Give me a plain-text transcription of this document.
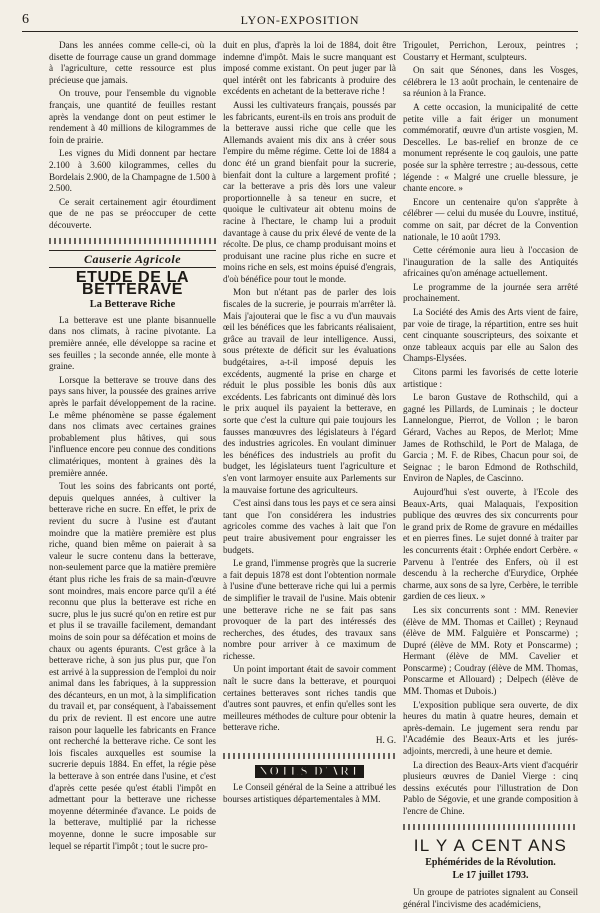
6	LYON-EXPOSITION

Dans les années comme celle-ci, où la disette de fourrage cause un grand dommage à l'agriculture, cette ressource est plus précieuse que jamais.

On trouve, pour l'ensemble du vignoble français, une quantité de feuilles restant après la vendange dont on peut estimer le rendement à 40 millions de kilogrammes de foin de prairie.

Les vignes du Midi donnent par hectare 2.100 à 3.600 kilogrammes, celles du Bordelais 2.900, de la Champagne de 1.500 à 2.500.

Ce serait certainement agir étourdiment que de ne pas se préoccuper de cette découverte.

Causerie Agricole
ETUDE DE LA BETTERAVE
La Betterave Riche

La betterave est une plante bisannuelle dans nos climats, à racine pivotante. La première année, elle développe sa racine et ses feuilles ; la seconde année, elle monte à graine.

Lorsque la betterave se trouve dans des pays sans hiver, la poussée des graines arrive après le parfait développement de la racine. Le même phénomène se passe également dans nos climats avec certaines graines probablement plus hâtives, qui sous l'influence encore peu connue des conditions climatériques, montent à graines dès la première année.

Tout les soins des fabricants ont porté, depuis quelques années, à cultiver la betterave riche en sucre. En effet, le prix de revient du sucre à l'usine est d'autant moindre que la matière première est plus riche, quand bien même on paierait à sa valeur le sucre contenu dans la betterave, non-seulement parce que la matière première étant plus riche les frais de sa main-d'œuvre sont moindres, mais encore parce qu'il a été reconnu que plus la betterave est riche en sucre, plus le jus sucré qu'on en retire est pur et plus il se travaille facilement, demandant moins de soin pour sa défécation et moins de chaux ou agents épurants. C'est grâce à la betterave riche, à son jus plus pur, que l'on est arrivé à la suppression de l'emploi du noir animal dans les fabriques, à la suppression des décanteurs, en un mot, à la simplification du travail et, par conséquent, à l'abaissement du prix de revient. Il est encore une autre raison pour laquelle les fabricants en France ont recherché la betterave riche. Ce sont les lois fiscales auxquelles est soumise la sucrerie depuis 1884. En effet, la régie pèse la betterave à son entrée dans l'usine, et c'est d'après cette pesée qu'est établi l'impôt en admettant pour la betterave une richesse moyenne déterminée d'avance. Le poids de la betterave, multiplié par la richesse moyenne, donne le sucre imposable sur lequel se répartit l'impôt ; tout le sucre pro-

duit en plus, d'après la loi de 1884, doit être indemne d'impôt. Mais le sucre manquant est imposé comme existant. On peut juger par là quel intérêt ont les fabricants à produire des excédents en achetant de la betterave riche !

Aussi les cultivateurs français, poussés par les fabricants, eurent-ils en trois ans produit de la betterave aussi riche que celle que les Allemands avaient mis dix ans à créer sous l'empire du même régime. Cette loi de 1884 a donc été un grand bienfait pour la sucrerie, bienfait dont la culture a largement profité ; car la betterave a pris dès lors une valeur proportionnelle à sa teneur en sucre, et quoique le cultivateur ait obtenu moins de racine à l'hectare, le champ lui a produit davantage à cause du prix élevé de vente de la récolte. De plus, ce champ produisant moins et produisant une racine plus riche en sucre et moins riche en sels, est moins épuisé d'engrais, d'où bénéfice pour tout le monde.

Mon but n'étant pas de parler des lois fiscales de la sucrerie, je pourrais m'arrêter là. Mais j'ajouterai que le fisc a vu d'un mauvais œil les bénéfices que les fabricants réalisaient, grâce au travail de leur intelligence. Aussi, sous prétexte de déficit sur les évaluations budgétaires, a-t-il imposé depuis les excédents, augmenté la prise en charge et réduit le plus possible les bonis dûs aux excédents. Les fabricants ont diminué dès lors le prix auquel ils payaient la betterave, en sorte que c'est la culture qui paie toujours les fausses manœuvres des législateurs à l'égard des industries agricoles. En voulant diminuer les bénéfices des industriels au profit du budget, les législateurs tuent l'agriculture et s'en vont larmoyer ensuite aux Parlements sur la mauvaise fortune des agriculteurs.

C'est ainsi dans tous les pays et ce sera ainsi tant que l'on considérera les industries agricoles comme des vaches à lait que l'on peut traire abusivement pour engraisser les budgets.

Le grand, l'immense progrès que la sucrerie a fait depuis 1878 est dont l'obtention normale à l'usine d'une betterave riche qui lui a permis de simplifier le travail de l'usine. Mais obtenir une betterave riche ne se fait pas sans provoquer de la part des intéressés des recherches, des études, des travaux sans nombre pour arriver à ce maximum de richesse.

Un point important était de savoir comment naît le sucre dans la betterave, et pourquoi certaines betteraves sont riches tandis que d'autres sont pauvres, et enfin qu'elles sont les meilleures méthodes de culture pour obtenir la betterave riche.

H. G.
NOTES D'ART

Le Conseil général de la Seine a attribué les bourses artistiques départementales à MM.

Trigoulet, Perrichon, Leroux, peintres ; Coustarry et Hermant, sculpteurs.

On sait que Sénones, dans les Vosges, célébrera le 13 août prochain, le centenaire de sa réunion à la France.

A cette occasion, la municipalité de cette petite ville a fait ériger un monument commémoratif, œuvre d'un artiste vosgien, M. Descelles. Le bas-relief en bronze de ce monument représente le coq gaulois, une patte posée sur la sphère terrestre ; au-dessous, cette légende : « Malgré une cruelle blessure, je chante encore. »

Encore un centenaire qu'on s'apprête à célébrer — celui du musée du Louvre, institué, comme on sait, par décret de la Convention nationale, le 10 août 1793.

Cette cérémonie aura lieu à l'occasion de l'inauguration de la salle des Antiquités africaines qu'on aménage actuellement.

Le programme de la journée sera arrêté prochainement.

La Société des Amis des Arts vient de faire, par voie de tirage, la répartition, entre ses huit cent cinquante souscripteurs, des soixante et onze tableaux acquis par elle au Salon des Champs-Elysées.

Citons parmi les favorisés de cette loterie artistique :

Le baron Gustave de Rothschild, qui a gagné les Pillards, de Luminais ; le docteur Lannelongue, Pierrot, de Vollon ; le baron Gérard, Vaches au Repos, de Merlot; Mme James de Rothschild, le Port de Malaga, de Garcia ; M. F. de Ribes, Chacun pour soi, de Seignac ; le baron Edmond de Rothschild, Environ de Naples, de Cascinno.

Aujourd'hui s'est ouverte, à l'Ecole des Beaux-Arts, quai Malaquais, l'exposition publique des œuvres des six concurrents pour le grand prix de Rome de gravure en médailles et en pierres fines. Le sujet donné à traiter par les concurrents était : Orphée endort Cerbère. « Parvenu à l'entrée des Enfers, où il est descendu à la recherche d'Eurydice, Orphée charme, aux sons de sa lyre, Cerbère, le terrible gardien de ces lieux. »

Les six concurrents sont : MM. Renevier (élève de MM. Thomas et Caillet) ; Reynaud (élève de MM. Falguière et Ponscarme) ; Dupré (élève de MM. Roty et Ponscarme) ; Hermant (élève de MM. Cavelier et Ponscarme) ; Coudray (élève de MM. Thomas, Ponscarme et Allouard) ; Delpech (élève de MM. Thomas et Dubois.)

L'exposition publique sera ouverte, de dix heures du matin à quatre heures, demain et après-demain. Le jugement sera rendu par l'Académie des Beaux-Arts et les jurés-adjoints, mercredi, à une heure et demie.

La direction des Beaux-Arts vient d'acquérir plusieurs œuvres de Daniel Vierge : cinq dessins exécutés pour l'illustration de Don Pablo de Ségovie, et une grande composition à l'encre de Chine.

IL Y A CENT ANS
Ephémérides de la Révolution.
Le 17 juillet 1793.

Un groupe de patriotes signalent au Conseil général l'incivisme des académiciens,
